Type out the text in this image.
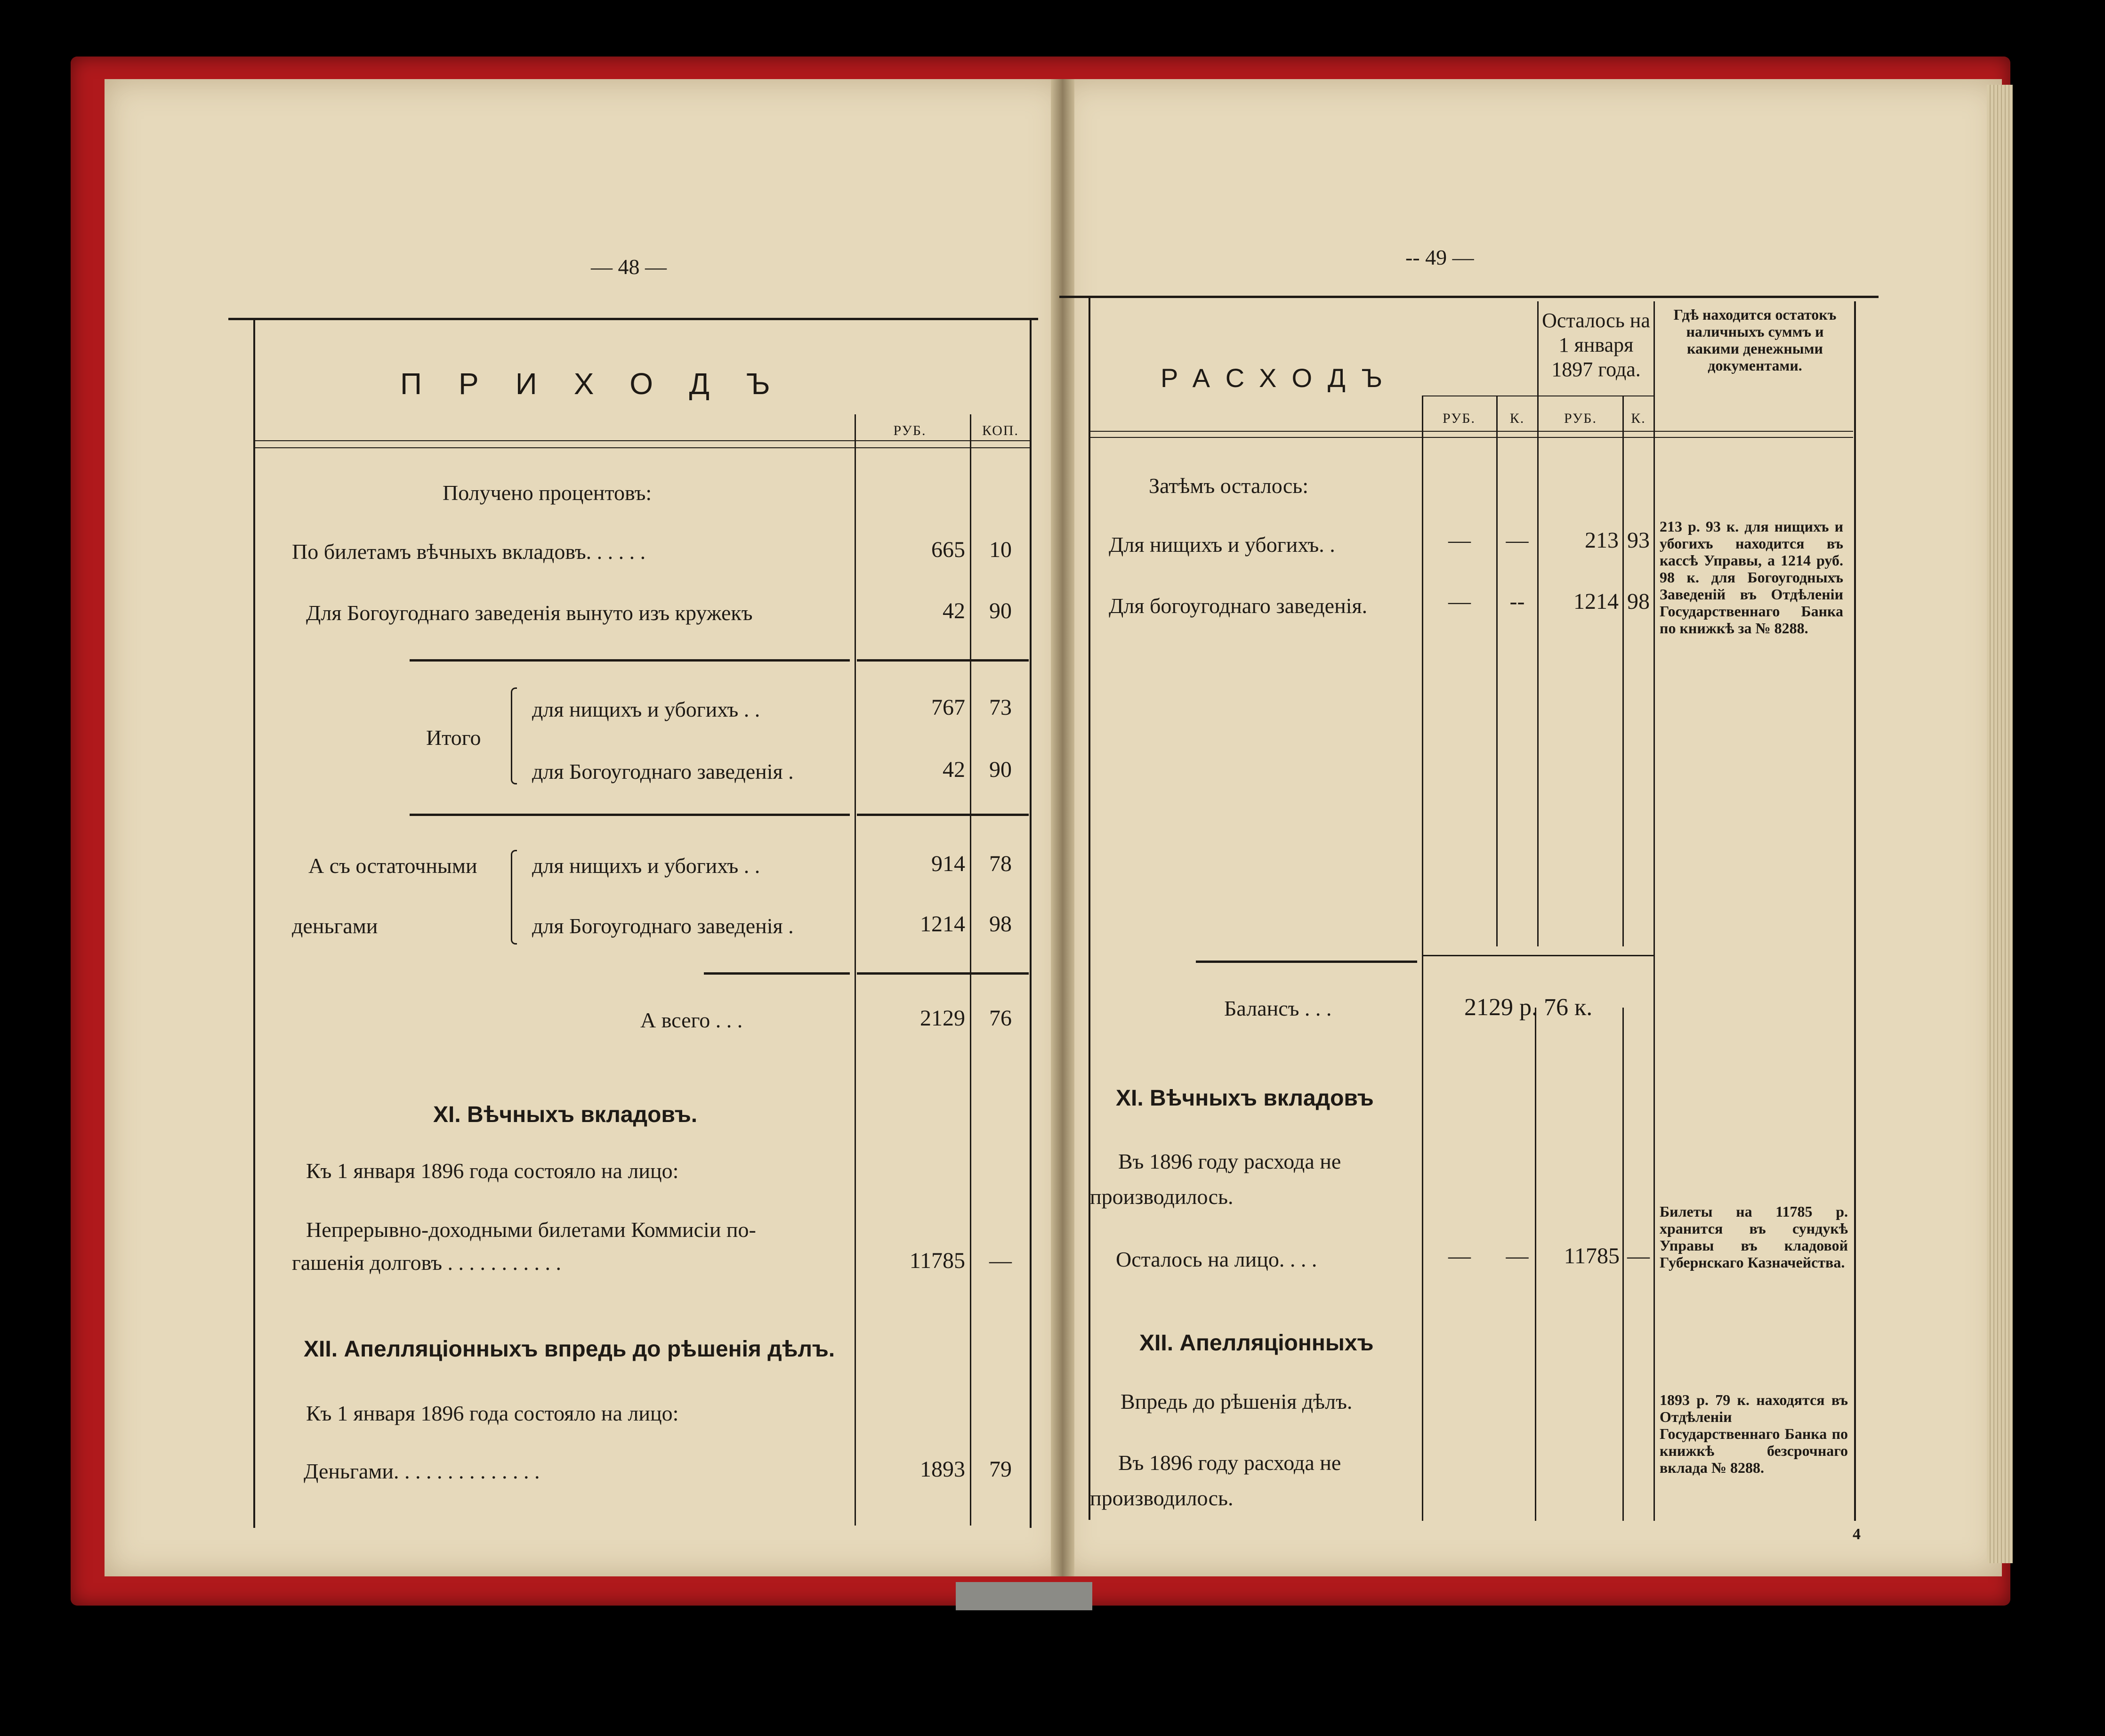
— 48 —
ПРИХОДЪ
РУБ.	КОП.
Получено процентовъ:
По билетамъ вѣчныхъ вкладовъ. . . . . .	665	10
Для Богоугоднаго заведенія вынуто изъ кружекъ	42	90
Итого
для нищихъ и убогихъ . .	767	73
для Богоугоднаго заведенія .	42	90
А съ остаточными
деньгами
для нищихъ и убогихъ . .	914	78
для Богоугоднаго заведенія .	1214	98
А всего . . .	2129	76
XI. Вѣчныхъ вкладовъ.
Къ 1 января 1896 года состояло на лицо:
Непрерывно-доходными билетами Коммисіи по-
гашенія долговъ . . . . . . . . . . .	11785	—
XII. Апелляціонныхъ впредь до рѣшенія дѣлъ.
Къ 1 января 1896 года состояло на лицо:
Деньгами. . . . . . . . . . . . . .	1893	79
-- 49 —
РАСХОДЪ
Осталось на 1 января 1897 года.
Гдѣ находится остатокъ наличныхъ суммъ и какими денежными документами.
РУБ.	К.	РУБ.	К.
Затѣмъ осталось:
Для нищихъ и убогихъ. .	—	—	213 93
Для богоугоднаго заведенія.	—	--	1214 98
213 р. 93 к. для нищихъ и убогихъ находится въ кассѣ Управы, а 1214 руб. 98 к. для Богоугодныхъ Заведеній въ Отдѣленіи Государственнаго Банка по книжкѣ за № 8288.
Балансъ . . .	2129 р. 76 к.
XI. Вѣчныхъ вкладовъ
Въ 1896 году расхода не
производилось.
Осталось на лицо. . . .	—	—	11785 —
Билеты на 11785 р. хранится въ сундукѣ Управы въ кладовой Губернскаго Казначейства.
XII. Апелляціонныхъ
Впредь до рѣшенія дѣлъ.
Въ 1896 году расхода не
производилось.
1893 р. 79 к. находятся въ Отдѣленіи Государственнаго Банка по книжкѣ безсрочнаго вклада № 8288.
4
